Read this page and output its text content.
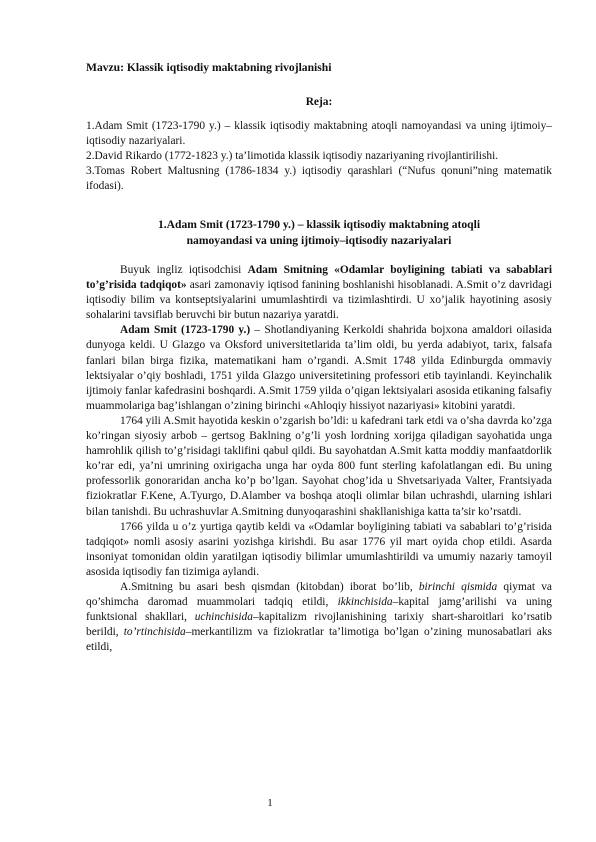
Mavzu: Klassik iqtisodiy maktabning rivojlanishi
Reja:

1.Adam Smit (1723-1790 y.) – klassik iqtisodiy maktabning atoqli namoyandasi va uning ijtimoiy–iqtisodiy nazariyalari.

2.David Rikardo (1772-1823 y.) ta’limotida klassik iqtisodiy nazariyaning rivojlantirilishi.

3.Tomas Robert Maltusning (1786-1834 y.) iqtisodiy qarashlari (“Nufus qonuni”ning matematik ifodasi).

1.Adam Smit (1723-1790 y.) – klassik iqtisodiy maktabning atoqli
namoyandasi va uning ijtimoiy–iqtisodiy nazariyalari

Buyuk ingliz iqtisodchisi Adam Smitning «Odamlar boyligining tabiati va sabablari to’g’risida tadqiqot» asari zamonaviy iqtisod fanining boshlanishi hisoblanadi. A.Smit o’z davridagi iqtisodiy bilim va kontseptsiyalarini umumlashtirdi va tizimlashtirdi. U xo’jalik hayotining asosiy sohalarini tavsiflab beruvchi bir butun nazariya yaratdi.

Adam Smit (1723-1790 y.) – Shotlandiyaning Kerkoldi shahrida bojxona amaldori oilasida dunyoga keldi. U Glazgo va Oksford universitetlarida ta’lim oldi, bu yerda adabiyot, tarix, falsafa fanlari bilan birga fizika, matematikani ham o’rgandi. A.Smit 1748 yilda Edinburgda ommaviy lektsiyalar o’qiy boshladi, 1751 yilda Glazgo universitetining professori etib tayinlandi. Keyinchalik ijtimoiy fanlar kafedrasini boshqardi. A.Smit 1759 yilda o’qigan lektsiyalari asosida etikaning falsafiy muammolariga bag’ishlangan o’zining birinchi «Ahloqiy hissiyot nazariyasi» kitobini yaratdi.

1764 yili A.Smit hayotida keskin o’zgarish bo’ldi: u kafedrani tark etdi va o’sha davrda ko’zga ko’ringan siyosiy arbob – gertsog Baklning o’g’li yosh lordning xorijga qiladigan sayohatida unga hamrohlik qilish to’g’risidagi taklifini qabul qildi. Bu sayohatdan A.Smit katta moddiy manfaatdorlik ko’rar edi, ya’ni umrining oxirigacha unga har oyda 800 funt sterling kafolatlangan edi. Bu uning professorlik gonoraridan ancha ko’p bo’lgan. Sayohat chog’ida u Shvetsariyada Valter, Frantsiyada fiziokratlar F.Kene, A.Tyurgo, D.Alamber va boshqa atoqli olimlar bilan uchrashdi, ularning ishlari bilan tanishdi. Bu uchrashuvlar A.Smitning dunyoqarashini shakllanishiga katta ta’sir ko’rsatdi.

1766 yilda u o’z yurtiga qaytib keldi va «Odamlar boyligining tabiati va sabablari to’g’risida tadqiqot» nomli asosiy asarini yozishga kirishdi. Bu asar 1776 yil mart oyida chop etildi. Asarda insoniyat tomonidan oldin yaratilgan iqtisodiy bilimlar umumlashtirildi va umumiy nazariy tamoyil asosida iqtisodiy fan tizimiga aylandi.

A.Smitning bu asari besh qismdan (kitobdan) iborat bo’lib, birinchi qismida qiymat va qo’shimcha daromad muammolari tadqiq etildi, ikkinchisida–kapital jamg’arilishi va uning funktsional shakllari, uchinchisida–kapitalizm rivojlanishining tarixiy shart-sharoitlari ko’rsatib berildi, to’rtinchisida–merkantilizm va fiziokratlar ta’limotiga bo’lgan o’zining munosabatlari aks etildi,

1
